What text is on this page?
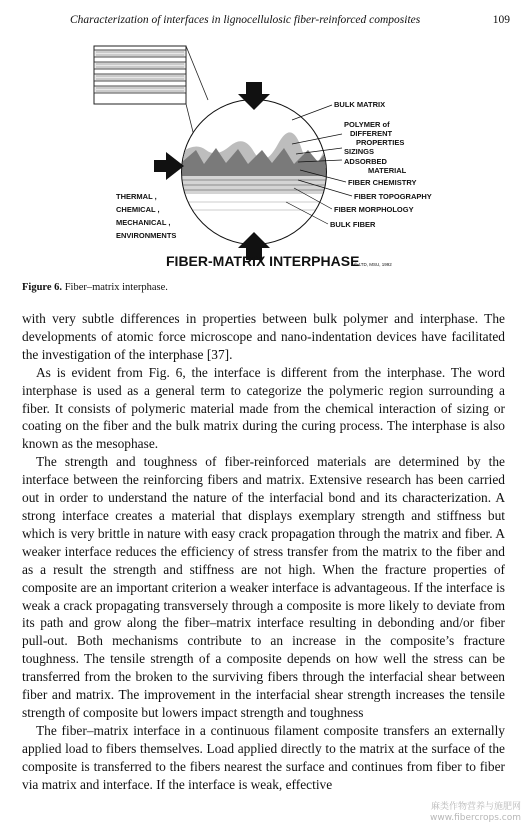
Characterization of interfaces in lignocellulosic fiber-reinforced composites	109
BULK MATRIX
POLYMER of
DIFFERENT
PROPERTIES
SIZINGS
ADSORBED
MATERIAL
FIBER CHEMISTRY
FIBER TOPOGRAPHY
FIBER MORPHOLOGY
BULK FIBER
THERMAL ,
CHEMICAL ,
MECHANICAL ,
ENVIRONMENTS
FIBER-MATRIX INTERPHASE
© LTD, MSU, 1992
Figure 6. Fiber–matrix interphase.

with very subtle differences in properties between bulk polymer and interphase. The developments of atomic force microscope and nano-indentation devices have facilitated the investigation of the interphase [37].

As is evident from Fig. 6, the interface is different from the interphase. The word interphase is used as a general term to categorize the polymeric region surrounding a fiber. It consists of polymeric material made from the chemical interaction of sizing or coating on the fiber and the bulk matrix during the curing process. The interphase is also known as the mesophase.

The strength and toughness of fiber-reinforced materials are determined by the interface between the reinforcing fibers and matrix. Extensive research has been carried out in order to understand the nature of the interfacial bond and its characterization. A strong interface creates a material that displays exemplary strength and stiffness but which is very brittle in nature with easy crack propagation through the matrix and fiber. A weaker interface reduces the efficiency of stress transfer from the matrix to the fiber and as a result the strength and stiffness are not high. When the fracture properties of composite are an important criterion a weaker interface is advantageous. If the interface is weak a crack propagating transversely through a composite is more likely to deviate from its path and grow along the fiber–matrix interface resulting in debonding and/or fiber pull-out. Both mechanisms contribute to an increase in the composite’s fracture toughness. The tensile strength of a composite depends on how well the stress can be transferred from the broken to the surviving fibers through the interfacial shear between fiber and matrix. The improvement in the interfacial shear strength increases the tensile strength of composite but lowers impact strength and toughness

The fiber–matrix interface in a continuous filament composite transfers an externally applied load to fibers themselves. Load applied directly to the matrix at the surface of the composite is transferred to the fibers nearest the surface and continues from fiber to fiber via matrix and interface. If the interface is weak, effective

麻类作物营养与施肥网
www.fibercrops.com
